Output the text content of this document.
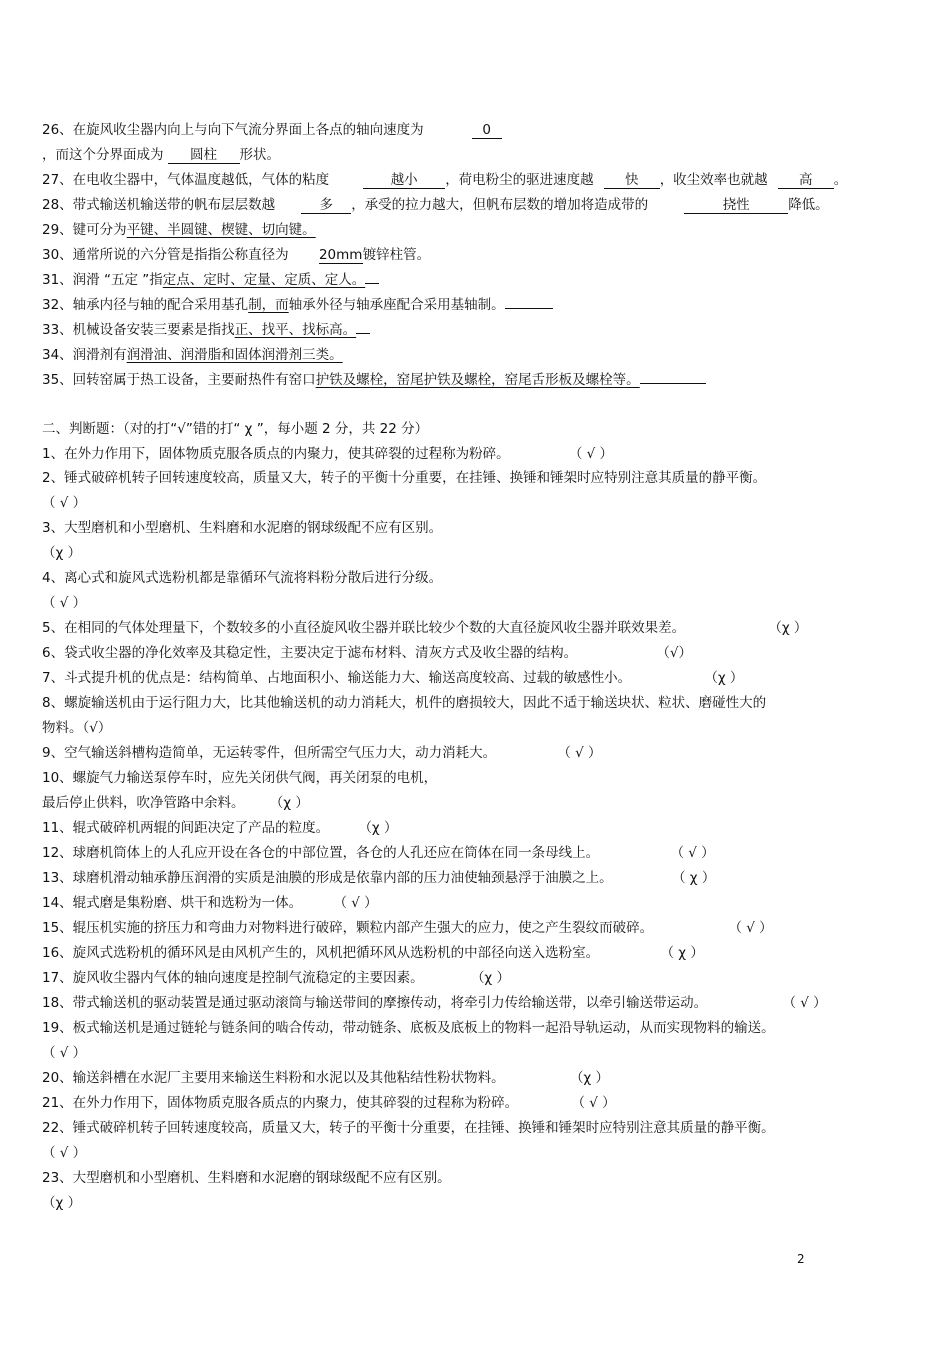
26、在旋风收尘器内向上与向下气流分界面上各点的轴向速度为	0
，而这个分界面成为 圆柱 形状。
27、在电收尘器中，气体温度越低，气体的粘度	越小 ，荷电粉尘的驱进速度越 快 ，收尘效率也就越 高 。
28、带式输送机输送带的帆布层层数越	多 ，承受的拉力越大，但帆布层数的增加将造成带的	挠性	降低。
29、键可分为平键、半圆键、楔键、切向键。
30、通常所说的六分管是指指公称直径为 20mm镀锌柱管。
31、润滑 “五定 ”指定点、定时、定量、定质、定人。
32、轴承内径与轴的配合采用基孔制，而轴承外径与轴承座配合采用基轴制。
33、机械设备安装三要素是指找正、找平、找标高。
34、润滑剂有润滑油、润滑脂和固体润滑剂三类。
35、回转窑属于热工设备，主要耐热件有窑口护铁及螺栓，窑尾护铁及螺栓，窑尾舌形板及螺栓等。
二、判断题：（对的打“√”错的打“ χ ”，每小题 2 分，共 22 分）
1、在外力作用下，固体物质克服各质点的内聚力，使其碎裂的过程称为粉碎。	（ √ ）
2、锤式破碎机转子回转速度较高，质量又大，转子的平衡十分重要，在挂锤、换锤和锤架时应特别注意其质量的静平衡。
（ √ ）
3、大型磨机和小型磨机、生料磨和水泥磨的钢球级配不应有区别。
（χ ）
4、离心式和旋风式选粉机都是靠循环气流将料粉分散后进行分级。
（ √ ）
5、在相同的气体处理量下，个数较多的小直径旋风收尘器并联比较少个数的大直径旋风收尘器并联效果差。	（χ ）
6、袋式收尘器的净化效率及其稳定性，主要决定于滤布材料、清灰方式及收尘器的结构。	（√）
7、斗式提升机的优点是：结构简单、占地面积小、输送能力大、输送高度较高、过载的敏感性小。	（χ ）
8、螺旋输送机由于运行阻力大，比其他输送机的动力消耗大，机件的磨损较大，因此不适于输送块状、粒状、磨碰性大的
物料。（√）
9、空气输送斜槽构造简单，无运转零件，但所需空气压力大，动力消耗大。	（ √ ）
10、螺旋气力输送泵停车时，应先关闭供气阀，再关闭泵的电机，
最后停止供料，吹净管路中余料。 （χ ）
11、辊式破碎机两辊的间距决定了产品的粒度。	（χ ）
12、球磨机筒体上的人孔应开设在各仓的中部位置，各仓的人孔还应在筒体在同一条母线上。	（ √ ）
13、球磨机滑动轴承静压润滑的实质是油膜的形成是依靠内部的压力油使轴颈悬浮于油膜之上。	（ χ ）
14、辊式磨是集粉磨、烘干和选粉为一体。	（ √ ）
15、辊压机实施的挤压力和弯曲力对物料进行破碎，颗粒内部产生强大的应力，使之产生裂纹而破碎。	（ √ ）
16、旋风式选粉机的循环风是由风机产生的，风机把循环风从选粉机的中部径向送入选粉室。	（ χ ）
17、旋风收尘器内气体的轴向速度是控制气流稳定的主要因素。	（χ ）
18、带式输送机的驱动装置是通过驱动滚筒与输送带间的摩擦传动，将牵引力传给输送带，以牵引输送带运动。	（ √ ）
19、板式输送机是通过链轮与链条间的啮合传动，带动链条、底板及底板上的物料一起沿导轨运动，从而实现物料的输送。
（ √ ）
20、输送斜槽在水泥厂主要用来输送生料粉和水泥以及其他粘结性粉状物料。	（χ ）
21、在外力作用下，固体物质克服各质点的内聚力，使其碎裂的过程称为粉碎。	（ √ ）
22、锤式破碎机转子回转速度较高，质量又大，转子的平衡十分重要，在挂锤、换锤和锤架时应特别注意其质量的静平衡。
（ √ ）
23、大型磨机和小型磨机、生料磨和水泥磨的钢球级配不应有区别。
（χ ）
2
